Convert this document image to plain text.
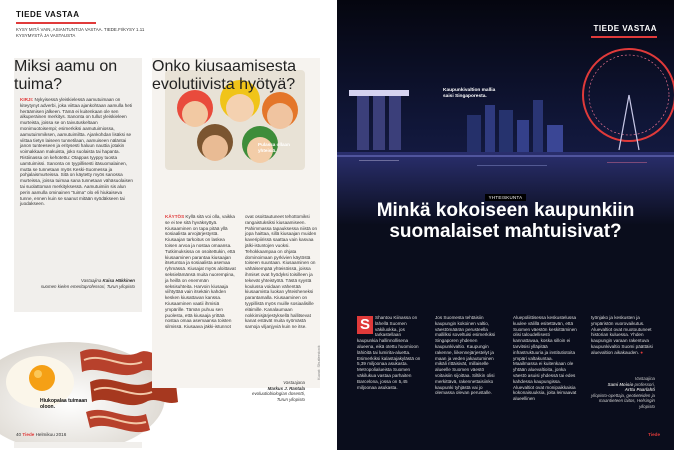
TIEDE VASTAA
KYSY MITÄ VAIN, ASIANTUNTIJA VASTAA. TIEDE.FI/KYSY 1.11 KYSYMYSTÄ JA VASTAUSTA
Miksi aamu on tuima?
KIRJI: Nykyisessä yleiskielessä aamutuimaan on kiteytynyt adverbi, joka viittaa ajankohtaan aamulla heti heräämisen jälkeen. Tämä ei kuitenkaan ole sen alkuperäinen merkitys. Sanonta on tullut yleiskieleen murteista, joissa se on taivutuskeltaan monimuotoisempi; esimerkiksi aamutuimiossa, aamutuimmiksen, aamutuimiltta. Ajankohdan lisäksi se viittaa tietyn laiseen tunnetilaan, aamuiseen näläntai janon tunteeseen ja eritysesti haluun nauttia jotakin voimakkaan makuista, joko suolaista tai hapanta. Ristiinassa on kehotettu: Otappas tyyppy tuosta uamtuimissi. Sanonta on tyypillisesti itäsuomalainen, mutta se tunnetaan myös Keski-Suomessa ja pohjalaismurteissa. Sitä on käytetty myös sanossa murteissa, joissa tuimaa sana tunnetaan vähäsuolaisen tai suolattoman merkityksessä. Aamutuimiin sis alun perin aamulla ominainen "tuima" olo eli hiukaiseva tunne, ennen kuin se saanut mitään syödäkseen tai juodakseen.
Vastaajina Kaisa Häkkinen
suomen kielen emeritaprofessori, Turun yliopisto
Hiukopalaa tuimaan oloon.
Pulassa ollaan yhteisiä.
Onko kiusaamisesta evolutiivista hyötyä?
KÄYTÖS Kyllä sitä voi olla, vaikka se ei tee sitä hyväksyttyä. Kiusaaminen on tapa pitää yllä sosiaalista arvojärjestystä. Kiusaajan tarkoitus on laskea toisen arvoa ja nostaa omaansa. Tutkimuksissa on osoitettukin, että kiusaaminen parantaa kiusaajan itsetuntoa ja sosiaalista asemaa ryhmässä. Kiusajat myös aloittavat seksielämänsä muita nuorempina, ja heillä on enemmän seksisuhteita. Harvoin kiusaaja viihtyttää vain itsekäin kahden kesken kiusattavan kanssa. Kiusaaminen vaatii ihmisiä ympärille. Tämän puhuu sen puolesta, että kiusaaja yrittää nostaa omaa asemaansa toisten silmissä. Kiusaava jäkki-istunnot
ovat osoittautuneet tehottomiksi rangaistuksiksi kiusaamiseen. Pahimmassa tapauksessa niistä on jopa haittaa, sillä kiusaajan muiden kaveripiirissä saattaa vain kasvaa jälki-istuntojen vuoksi. Tehokkaampaa on ohjata dominoimaan pyrkivien käytöstä toiseen suuntaan. Kiusaaminen on vähäisempää yhteisöissä, joissa ihmiset ovat hyödyksi toisilleen ja tekevät yhteistyötä. Tästä syystä koulussa voidaan vähentää kiusaamista luokan yhteisheneksi parantamalla. Kiusaaminen on tyypillistä myös muille sosiaalisille eläimille. Kanalaumaan nokkimisjärjestyksellä hallitsevat kanat estävät muita syömästä samoja viljanjyviä kuin ne itse.
Vastaajana
Markus J. Rantala
evoluutiobiologian dosentti, Turun yliopisto
Kuvat: Shutterstock
40 Tiede Helmikuu 2016
TIEDE VASTAA
Kaupunkivaltion mallia saisi Singaporesta.
YHTEISKUNTA
Minkä kokoiseen kaupunkiin suomalaiset mahtuisivat?
S	Shantou Kiinassa on lähellä Suomen väkiluokka, jos tarkastellaan kaupunkia hallinnollisena alueena, eikä otettu huomioon lähiöitä tai lumirita-aluetta. Esimerkiksi kalastajakylästä on 5,39 miljoonaa asukasta. Metropolialueista Suomen väkilukua vastaa parhaiten Barcelona, jossa on 5,45 miljoonaa asukasta.
Jos Suomesta tehtäisiin kaupungin kokoinen valtio, väestömäärän perusteella mallilksi soveltuisi esimerkiksi Singaporen yhdenen kaupunkivaltio. Kaupungin rakenne, liikennejärjestelyt ja maan ja veden jakautuminen mikäli rittäisivät, millaiselle alueelle Suomen väestö voitaisiin sijoittaa. Siltikin olisi merkittävä, rakennettaisiinko kaupunki tyhjästä vai jo olemassa olevan perustalle.
Aluepoliittisessa keskustelussa kuulee välillä esitettävän, että Suomen väestön keskittäminen olisi taloudellisesti kannattavaa, koska silloin ei tarvitsisi ylläpitää infrastruktuuria ja institutiotoita ympäri valtakuntaa. Maailmassa ei kuitenkaan ole yhtään aluevaltioita, jonka väestö asuisi yhdessä tai edes kahdessa kaupungissa. Aluevaltiot ovat monipaikkaisia kokonaisuuksia, joita leimaavat alueellinen
työnjako ja keskusten ja ympäristön vuorovaikutus. Aluevaltiot ovat muotoutuneet historian kuluessa. Yhden kaupungin varaan rakentuva kaupunkivaltio Suomi päättäisi aluevaltion aikakauden. ●
Vastaajina
Sami Moisio professori,
Arttu Paarlahti
yliopisto-opettaja, geotieteiden ja maantieteen laitos, Helsingin yliopisto
Tiede
